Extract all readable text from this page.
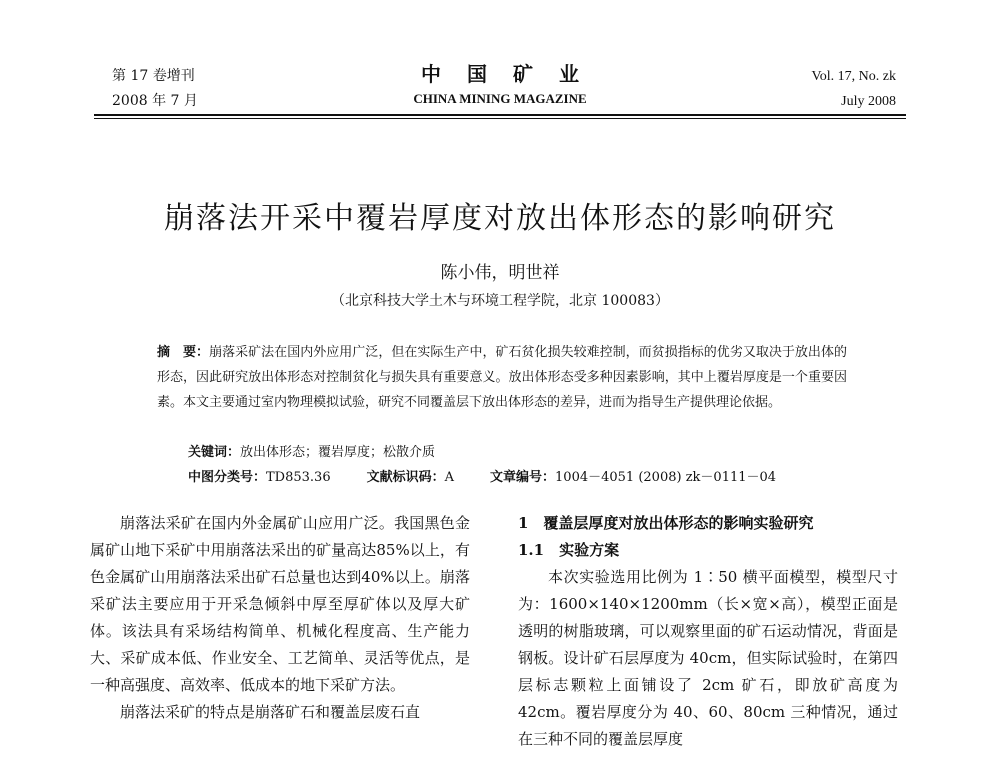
第 17 卷增刊
2008 年 7 月
中国矿业
CHINA MINING MAGAZINE
Vol. 17, No. zk
July 2008
崩落法开采中覆岩厚度对放出体形态的影响研究
陈小伟，明世祥
（北京科技大学土木与环境工程学院，北京 100083）
摘　要：崩落采矿法在国内外应用广泛，但在实际生产中，矿石贫化损失较难控制，而贫损指标的优劣又取决于放出体的形态，因此研究放出体形态对控制贫化与损失具有重要意义。放出体形态受多种因素影响，其中上覆岩厚度是一个重要因素。本文主要通过室内物理模拟试验，研究不同覆盖层下放出体形态的差异，进而为指导生产提供理论依据。
关键词：放出体形态；覆岩厚度；松散介质
中图分类号：TD853.36	文献标识码：A	文章编号：1004－4051 (2008) zk－0111－04

崩落法采矿在国内外金属矿山应用广泛。我国黑色金属矿山地下采矿中用崩落法采出的矿量高达85%以上，有色金属矿山用崩落法采出矿石总量也达到40%以上。崩落采矿法主要应用于开采急倾斜中厚至厚矿体以及厚大矿体。该法具有采场结构简单、机械化程度高、生产能力大、采矿成本低、作业安全、工艺简单、灵活等优点，是一种高强度、高效率、低成本的地下采矿方法。

崩落法采矿的特点是崩落矿石和覆盖层废石直

1　覆盖层厚度对放出体形态的影响实验研究

1.1　实验方案

本次实验选用比例为 1∶50 横平面模型，模型尺寸为：1600×140×1200mm（长×宽×高），模型正面是透明的树脂玻璃，可以观察里面的矿石运动情况，背面是钢板。设计矿石层厚度为 40cm，但实际试验时，在第四层标志颗粒上面铺设了 2cm 矿石，即放矿高度为 42cm。覆岩厚度分为 40、60、80cm 三种情况，通过在三种不同的覆盖层厚度
